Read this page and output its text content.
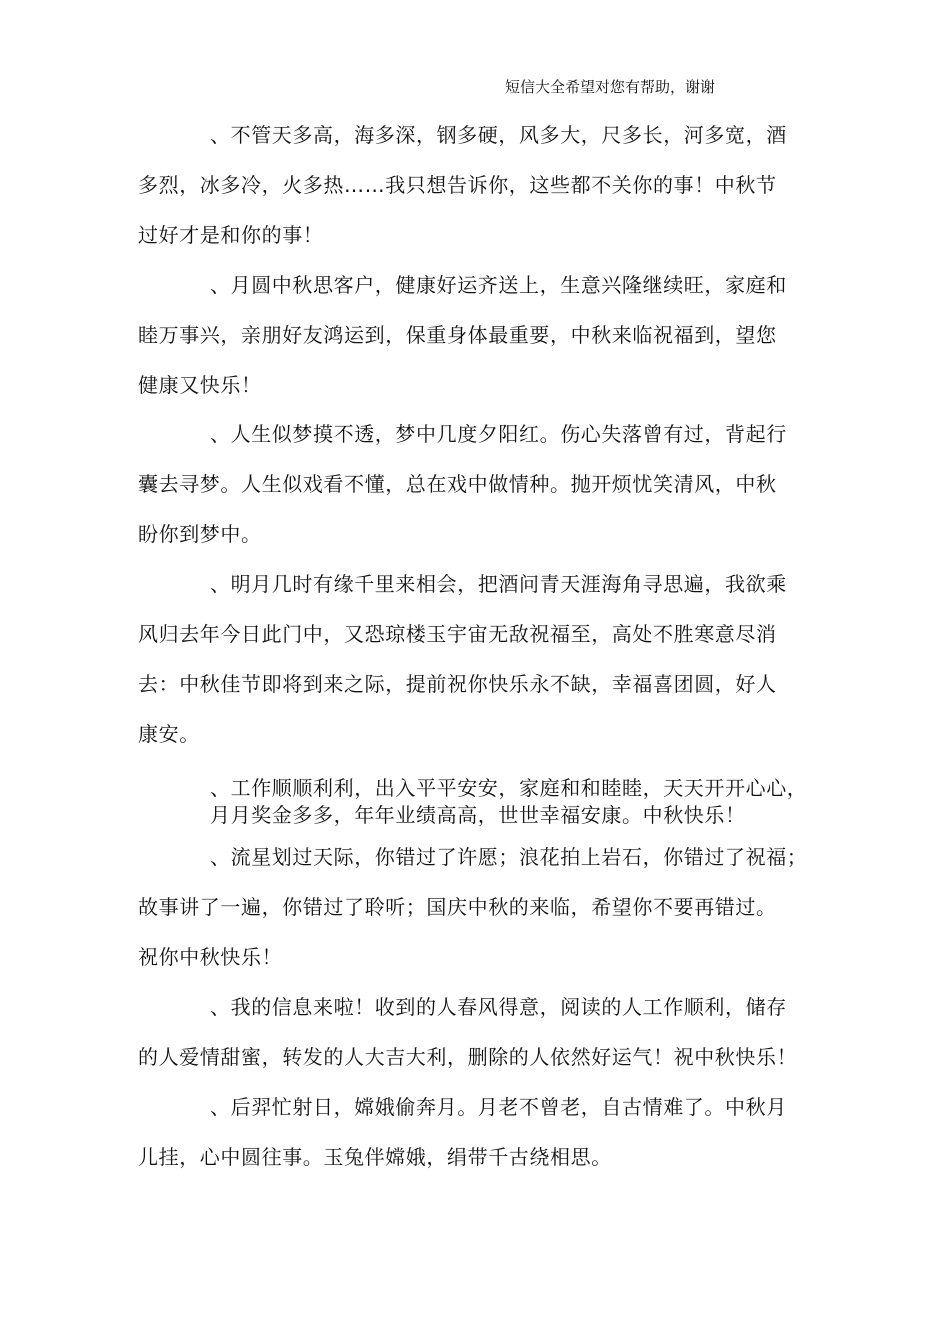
短信大全希望对您有帮助，谢谢

、不管天多高，海多深，钢多硬，风多大，尺多长，河多宽，酒
多烈，冰多冷，火多热……我只想告诉你，这些都不关你的事！中秋节
过好才是和你的事！

、月圆中秋思客户，健康好运齐送上，生意兴隆继续旺，家庭和
睦万事兴，亲朋好友鸿运到，保重身体最重要，中秋来临祝福到，望您
健康又快乐！

、人生似梦摸不透，梦中几度夕阳红。伤心失落曾有过，背起行
囊去寻梦。人生似戏看不懂，总在戏中做情种。抛开烦忧笑清风，中秋
盼你到梦中。

、明月几时有缘千里来相会，把酒问青天涯海角寻思遍，我欲乘
风归去年今日此门中，又恐琼楼玉宇宙无敌祝福至，高处不胜寒意尽消
去：中秋佳节即将到来之际，提前祝你快乐永不缺，幸福喜团圆，好人
康安。

、工作顺顺利利，出入平平安安，家庭和和睦睦，天天开开心心，
月月奖金多多，年年业绩高高，世世幸福安康。中秋快乐！

、流星划过天际，你错过了许愿；浪花拍上岩石，你错过了祝福；
故事讲了一遍，你错过了聆听；国庆中秋的来临，希望你不要再错过。
祝你中秋快乐！

、我的信息来啦！收到的人春风得意，阅读的人工作顺利，储存
的人爱情甜蜜，转发的人大吉大利，删除的人依然好运气！祝中秋快乐！

、后羿忙射日，嫦娥偷奔月。月老不曾老，自古情难了。中秋月
儿挂，心中圆往事。玉兔伴嫦娥，绢带千古绕相思。
